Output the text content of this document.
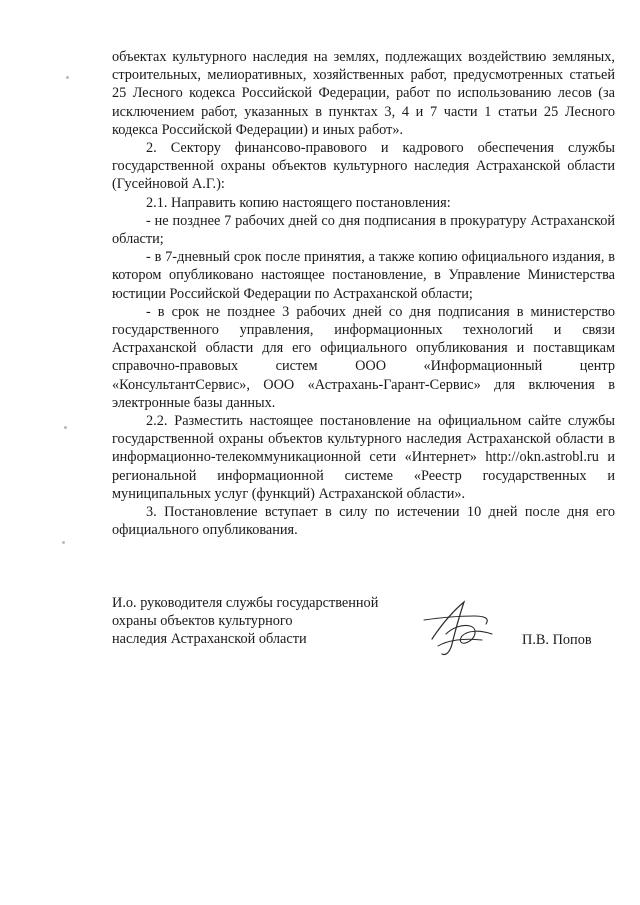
объектах культурного наследия на землях, подлежащих воздействию земляных, строительных, мелиоративных, хозяйственных работ, предусмотренных статьей 25 Лесного кодекса Российской Федерации, работ по использованию лесов (за исключением работ, указанных в пунктах 3, 4 и 7 части 1 статьи 25 Лесного кодекса Российской Федерации) и иных работ».

2. Сектору финансово-правового и кадрового обеспечения службы государственной охраны объектов культурного наследия Астраханской области (Гусейновой А.Г.):

2.1. Направить копию настоящего постановления:

- не позднее 7 рабочих дней со дня подписания в прокуратуру Астраханской области;

- в 7-дневный срок после принятия, а также копию официального издания, в котором опубликовано настоящее постановление, в Управление Министерства юстиции Российской Федерации по Астраханской области;

- в срок не позднее 3 рабочих дней со дня подписания в министерство государственного управления, информационных технологий и связи Астраханской области для его официального опубликования и поставщикам справочно-правовых систем ООО «Информационный центр «КонсультантСервис», ООО «Астрахань-Гарант-Сервис» для включения в электронные базы данных.

2.2. Разместить настоящее постановление на официальном сайте службы государственной охраны объектов культурного наследия Астраханской области в информационно-телекоммуникационной сети «Интернет» http://okn.astrobl.ru и региональной информационной системе «Реестр государственных и муниципальных услуг (функций) Астраханской области».

3. Постановление вступает в силу по истечении 10 дней после дня его официального опубликования.

И.о. руководителя службы государственной
охраны объектов культурного
наследия Астраханской области	П.В. Попов
